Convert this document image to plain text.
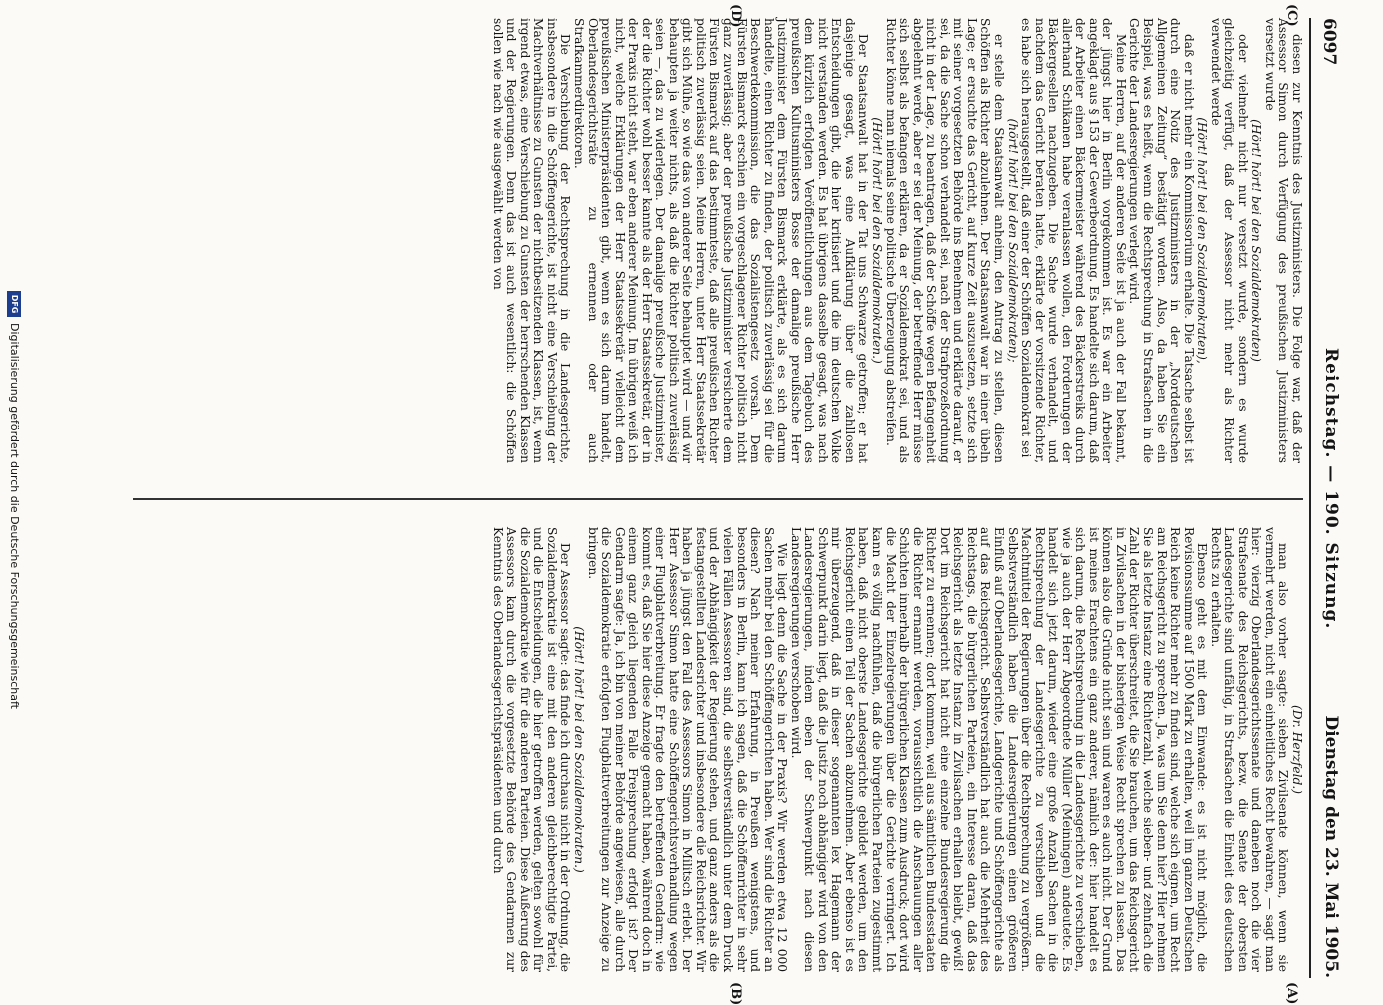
6097
Reichstag. — 190. Sitzung.
Dienstag den 23. Mai 1905.
(C)
(D)
(A)
(B)

diesen zur Kenntnis des Justizministers. Die Folge war, daß der Assessor Simon durch Verfügung des preußischen Justizministers versetzt wurde

(Hört! hört! bei den Sozialdemokraten)

oder vielmehr nicht nur versetzt wurde, sondern es wurde gleichzeitig verfügt, daß der Assessor nicht mehr als Richter verwendet werde

(Hört! hört! bei den Sozialdemokraten),

daß er nicht mehr ein Kommissorium erhalte. Die Tatsache selbst ist durch eine Notiz des Justizministers in der „Norddeutschen Allgemeinen Zeitung“ bestätigt worden. Also, da haben Sie ein Beispiel, was es heißt, wenn die Rechtsprechung in Strafsachen in die Gerichte der Landesregierungen verlegt wird.

Meine Herren, auf der anderen Seite ist ja auch der Fall bekannt, der jüngst hier in Berlin vorgekommen ist. Es war ein Arbeiter angeklagt aus § 153 der Gewerbeordnung. Es handelte sich darum, daß der Arbeiter einen Bäckermeister während des Bäckerstreiks durch allerhand Schikanen habe veranlassen wollen, den Forderungen der Bäckergesellen nachzugeben. Die Sache wurde verhandelt, und nachdem das Gericht beraten hatte, erklärte der vorsitzende Richter, es habe sich herausgestellt, daß einer der Schöffen Sozialdemokrat sei

(hört! hört! bei den Sozialdemokraten);

er stelle dem Staatsanwalt anheim, den Antrag zu stellen, diesen Schöffen als Richter abzulehnen. Der Staatsanwalt war in einer übeln Lage; er ersuchte das Gericht, auf kurze Zeit auszusetzen, setzte sich mit seiner vorgesetzten Behörde ins Benehmen und erklärte darauf, er sei, da die Sache schon verhandelt sei, nach der Strafprozeßordnung nicht in der Lage, zu beantragen, daß der Schöffe wegen Befangenheit abgelehnt werde, aber er sei der Meinung, der betreffende Herr müsse sich selbst als befangen erklären, da er Sozialdemokrat sei, und als Richter könne man niemals seine politische Überzeugung abstreifen.

(Hört! hört! bei den Sozialdemokraten.)

Der Staatsanwalt hat in der Tat uns Schwarze getroffen; er hat dasjenige gesagt, was eine Aufklärung über die zahllosen Entscheidungen gibt, die hier kritisiert und die im deutschen Volke nicht verstanden werden. Es hat übrigens dasselbe gesagt, was nach dem kürzlich erfolgten Veröffentlichungen aus dem Tagebuch des preußischen Kultusministers Bosse der damalige preußische Herr Justizminister dem Fürsten Bismarck erklärte, als es sich darum handelte, einen Richter zu finden, der politisch zuverlässig sei für die Beschwerdekommission, die das Sozialistengesetz vorsah. Dem Fürsten Bismarck erschien ein vorgeschlagener Richter politisch nicht ganz zuverlässig; aber der preußische Justizminister versicherte dem Fürsten Bismarck auf das bestimmteste, daß alle preußischen Richter politisch zuverlässig seien. Meine Herren, unter Herr Staatssekretär gibt sich Mühe, so wie das von anderer Seite behauptet wird — und wir behaupten ja weiter nichts, als daß die Richter politisch zuverlässig seien —, das zu widerlegen. Der damalige preußische Justizminister, der die Richter wohl besser kannte als der Herr Staatssekretär, der in der Praxis nicht steht, war eben anderer Meinung. Im übrigen weiß ich nicht, welche Erklärungen der Herr Staatssekretär vielleicht dem preußischen Ministerpräsidenten gibt, wenn es sich darum handelt, Oberlandesgerichtsräte zu ernennen oder auch Strafkammerdirektoren.

Die Verschiebung der Rechtsprechung in die Landesgerichte, insbesondere in die Schöffengerichte, ist nicht eine Verschiebung der Machtverhältnisse zu Gunsten der nichtbesitzenden Klassen, ist, wenn irgend etwas, eine Verschiebung zu Gunsten der herrschenden Klassen und der Regierungen. Denn das ist auch wesentlich: die Schöffen sollen wie nach wie ausgewählt werden von

(Dr. Herzfeld.)

man also vorher sagte: sieben Zivilsenate können, wenn sie vermehrt werden, nicht ein einheitliches Recht bewahren, — sagt man hier: vierzig Oberlandesgerichtssenate und daneben noch die vier Strafsenate des Reichsgerichts, bezw. die Senate der obersten Landesgerichte sind unfähig, in Strafsachen die Einheit des deutschen Rechts zu erhalten.

Ebenso geht es mit dem Einwande: es ist nicht möglich, die Revisionssumme auf 1500 Mark zu erhalten, weil im ganzen Deutschen Reich keine Richter mehr zu finden sind, welche sich eignen, um Recht am Reichsgericht zu sprechen. Ja, was um Sie denn hier? Hier nehmen Sie als letzte Instanz eine Richterzahl, welche sieben- und zehnfach die Zahl der Richter überschreitet, die Sie brauchen, um das Reichsgericht in Zivilsachen in der bisherigen Weise Recht sprechen zu lassen. Das können also die Gründe nicht sein und waren es auch nicht. Der Grund ist meines Erachtens ein ganz anderer, nämlich der: hier handelt es sich darum, die Rechtsprechung in die Landesgerichte zu verschieben, wie ja auch der Herr Abgeordnete Müller (Meiningen) andeutete. Es handelt sich jetzt darum, wieder eine große Anzahl Sachen in die Rechtsprechung der Landesgerichte zu verschieben und die Machtmittel der Regierungen über die Rechtsprechung zu vergrößern. Selbstverständlich haben die Landesregierungen einen größeren Einfluß auf Oberlandesgerichte, Landgerichte und Schöffengerichte als auf das Reichsgericht. Selbstverständlich hat auch die Mehrheit des Reichstags, die bürgerlichen Parteien, ein Interesse daran, daß das Reichsgericht als letzte Instanz in Zivilsachen erhalten bleibt, gewiß! Dort im Reichsgericht hat nicht eine einzelne Bundesregierung die Richter zu ernennen; dort kommen, weil aus sämtlichen Bundesstaaten die Richter ernannt werden, voraussichtlich die Anschauungen aller Schichten innerhalb der bürgerlichen Klassen zum Ausdruck; dort wird die Macht der Einzelregierungen über die Gerichte verringert. Ich kann es völlig nachfühlen, daß die bürgerlichen Parteien zugestimmt haben, daß nicht oberste Landesgerichte gebildet werden, um den Reichsgericht einen Teil der Sachen abzunehmen. Aber ebenso ist es mir überzeugend, daß in dieser sogenannten lex Hagemann der Schwerpunkt darin liegt, daß die Justiz noch abhängiger wird von den Landesregierungen, indem eben der Schwerpunkt nach diesen Landesregierungen verschoben wird.

Wie liegt denn die Sache in der Praxis? Wir werden etwa 12 000 Sachen mehr bei den Schöffengerichten haben. Wer sind die Richter an diesen? Nach meiner Erfahrung, in Preußen wenigstens, und besonders in Berlin, kann ich sagen, daß die Schöffenrichter in sehr vielen Fällen Assessoren sind, die selbstverständlich unter dem Druck und der Abhängigkeit der Regierung stehen, und ganz anders als die festangestellten Landesrichter und insbesondere die Reichsrichter. Wir haben ja jüngst den Fall des Assessors Simon in Militsch erlebt. Der Herr Assessor Simon hatte eine Schöffengerichtsverhandlung wegen einer Flugblattverbreitung. Er fragte den betreffenden Gendarm: wie kommt es, daß Sie hier diese Anzeige gemacht haben, während doch in einem ganz gleich liegenden Falle Freisprechung erfolgt ist? Der Gendarm sagte: Ja, ich bin von meiner Behörde angewiesen, alle durch die Sozialdemokratie erfolgten Flugblattverbreitungen zur Anzeige zu bringen.

(Hört! hört! bei den Sozialdemokraten.)

Der Assessor sagte: das finde ich durchaus nicht in der Ordnung, die Sozialdemokratie ist eine mit den anderen gleichberechtigte Partei, und die Entscheidungen, die hier getroffen werden, gelten sowohl für die Sozialdemokratie wie für die anderen Parteien. Diese Äußerung des Assessors kam durch die vorgesetzte Behörde des Gendarmen zur Kenntnis des Oberlandesgerichtspräsidenten und durch

DFG
Digitalisierung gefördert durch die Deutsche Forschungsgemeinschaft
